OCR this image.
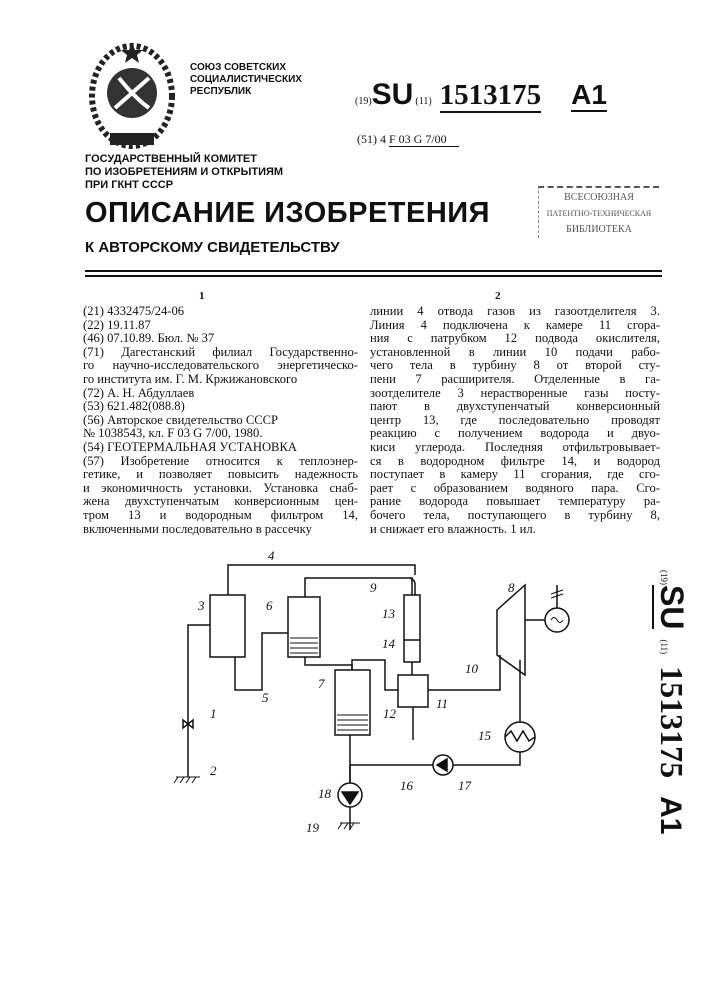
СОЮЗ СОВЕТСКИХ
СОЦИАЛИСТИЧЕСКИХ
РЕСПУБЛИК
(19)SU (11) 1513175 A1
(51) 4 F 03 G 7/00
ГОСУДАРСТВЕННЫЙ КОМИТЕТ
ПО ИЗОБРЕТЕНИЯМ И ОТКРЫТИЯМ
ПРИ ГКНТ СССР
ОПИСАНИЕ ИЗОБРЕТЕНИЯ
К АВТОРСКОМУ СВИДЕТЕЛЬСТВУ
ВСЕСОЮЗНАЯ
ПАТЕНТНО-ТЕХНИЧЕСКАЯ
БИБЛИОТЕКА
1	2
(21) 4332475/24-06
(22) 19.11.87
(46) 07.10.89. Бюл. № 37
(71) Дагестанский филиал Государственно-
го научно-исследовательского энергетическо-
го института им. Г. М. Кржижановского
(72) А. Н. Абдуллаев
(53) 621.482(088.8)
(56) Авторское свидетельство СССР
№ 1038543, кл. F 03 G 7/00, 1980.
(54) ГЕОТЕРМАЛЬНАЯ УСТАНОВКА
(57) Изобретение относится к теплоэнер-
гетике, и позволяет повысить надежность
и экономичность установки. Установка снаб-
жена двухступенчатым конверсионным цен-
тром 13 и водородным фильтром 14,
включенными последовательно в рассечку
линии 4 отвода газов из газоотделителя 3.
Линия 4 подключена к камере 11 сгора-
ния с патрубком 12 подвода окислителя,
установленной в линии 10 подачи рабо-
чего тела в турбину 8 от второй сту-
пени 7 расширителя. Отделенные в га-
зоотделителе 3 нерастворенные газы посту-
пают в двухступенчатый конверсионный
центр 13, где последовательно проводят
реакцию с получением водорода и двуо-
киси углерода. Последняя отфильтровывает-
ся в водородном фильтре 14, и водород
поступает в камеру 11 сгорания, где сго-
рает с образованием водяного пара. Сго-
рание водорода повышает температуру ра-
бочего тела, поступающего в турбину 8,
и снижает его влажность. 1 ил.
3
4
6
9
13
14
8
10
7
11
12
5
1
15
17
16
18
2
19
(19)SU(11)1513175A1
